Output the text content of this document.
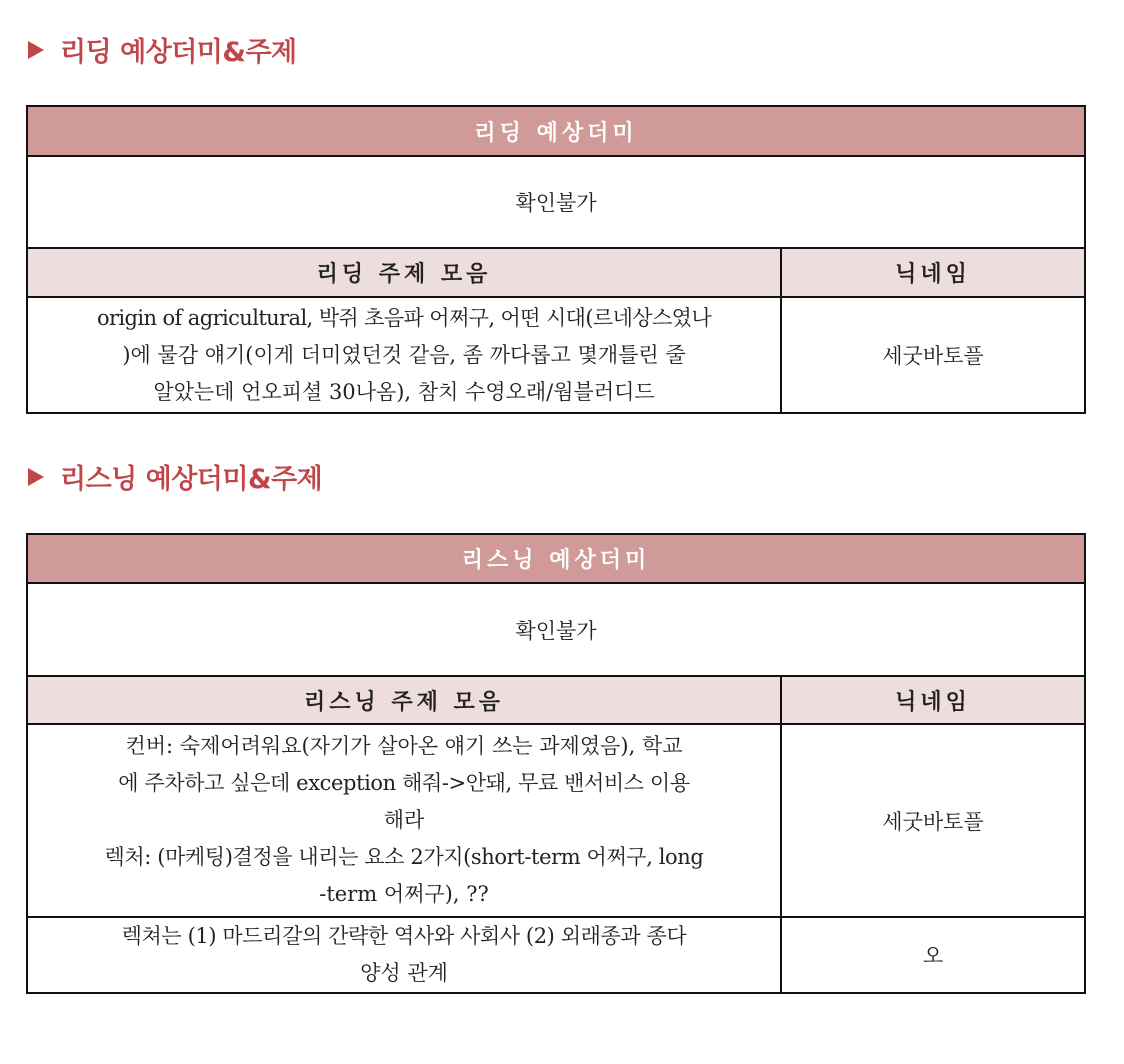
리딩 예상더미&주제
리딩 예상더미	
확인불가	
리딩 주제 모음	닉네임

origin of agricultural, 박쥐 초음파 어쩌구, 어떤 시대(르네상스였나
)에 물감 얘기(이게 더미였던것 같음, 좀 까다롭고 몇개틀린 줄
알았는데 언오피셜 30나옴), 참치 수영오래/웜블러디드	세굿바토플
리스닝 예상더미&주제
리스닝 예상더미	
확인불가	
리스닝 주제 모음	닉네임

컨버: 숙제어려워요(자기가 살아온 얘기 쓰는 과제였음), 학교
에 주차하고 싶은데 exception 해줘->안돼, 무료 밴서비스 이용
해라
렉처: (마케팅)결정을 내리는 요소 2가지(short-term 어쩌구, long
-term 어쩌구), ??	세굿바토플

렉쳐는 (1) 마드리갈의 간략한 역사와 사회사 (2) 외래종과 종다
양성 관계	오
